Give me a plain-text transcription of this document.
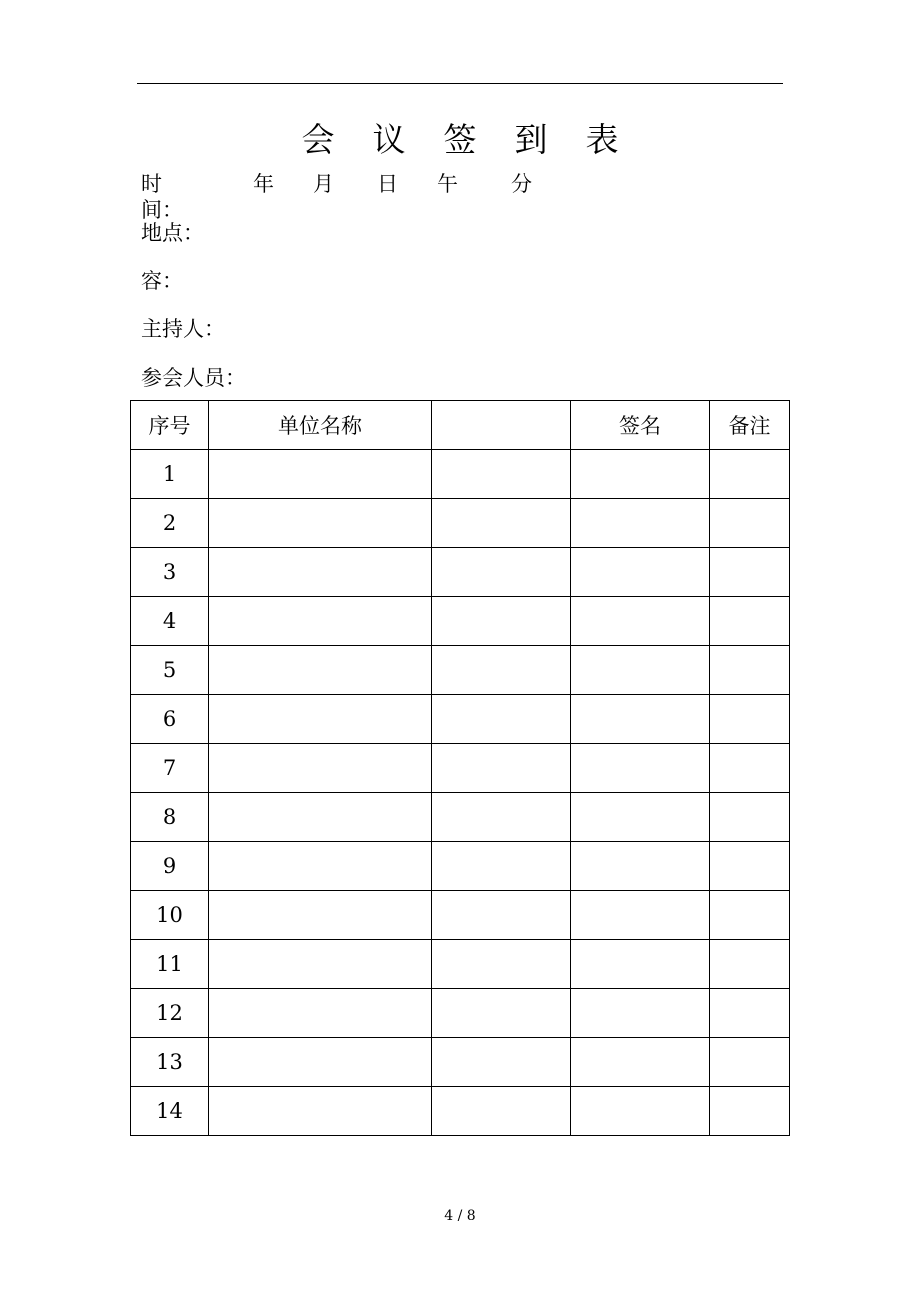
会 议 签 到 表
时间：
年 月 日 午	分
地点：
容：
主持人：
参会人员：
序号	单位名称		签名	备注
1				
2				
3				
4				
5				
6				
7				
8				
9				
10				
11				
12				
13				
14				
4 / 8
